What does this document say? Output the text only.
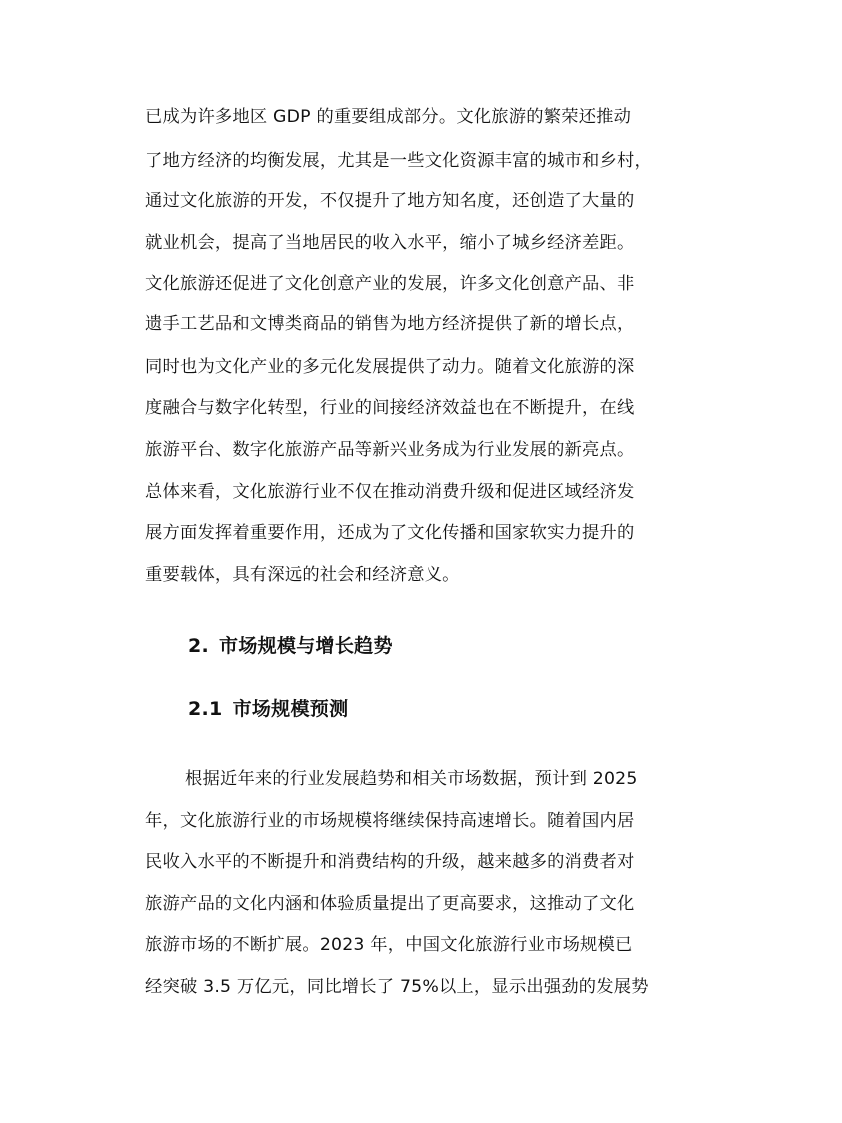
已成为许多地区 GDP 的重要组成部分。文化旅游的繁荣还推动
了地方经济的均衡发展，尤其是一些文化资源丰富的城市和乡村，
通过文化旅游的开发，不仅提升了地方知名度，还创造了大量的
就业机会，提高了当地居民的收入水平，缩小了城乡经济差距。
文化旅游还促进了文化创意产业的发展，许多文化创意产品、非
遗手工艺品和文博类商品的销售为地方经济提供了新的增长点，
同时也为文化产业的多元化发展提供了动力。随着文化旅游的深
度融合与数字化转型，行业的间接经济效益也在不断提升，在线
旅游平台、数字化旅游产品等新兴业务成为行业发展的新亮点。
总体来看，文化旅游行业不仅在推动消费升级和促进区域经济发
展方面发挥着重要作用，还成为了文化传播和国家软实力提升的
重要载体，具有深远的社会和经济意义。
2. 市场规模与增长趋势
2.1 市场规模预测
根据近年来的行业发展趋势和相关市场数据，预计到 2025
年，文化旅游行业的市场规模将继续保持高速增长。随着国内居
民收入水平的不断提升和消费结构的升级，越来越多的消费者对
旅游产品的文化内涵和体验质量提出了更高要求，这推动了文化
旅游市场的不断扩展。2023 年，中国文化旅游行业市场规模已
经突破 3.5 万亿元，同比增长了 75%以上，显示出强劲的发展势
